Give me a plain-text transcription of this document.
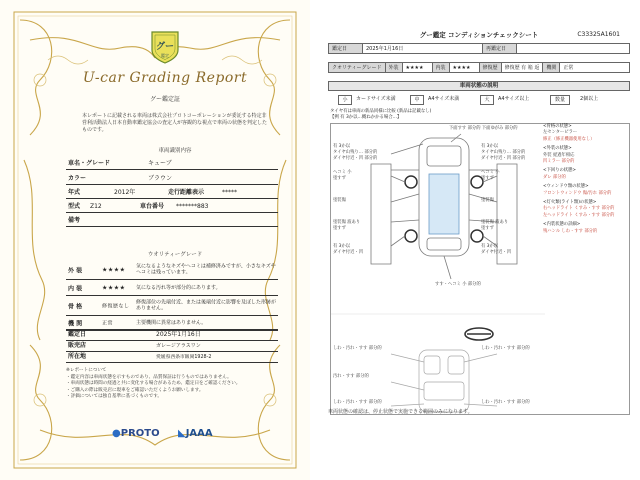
グー
鑑定
U-car Grading Report
グー鑑定証
本レポートに記載される車両は株式会社プロトコーポレーションが委託する特定非営利活動法人日本自動車鑑定協会の査定人が客観的な視点で車両の状態を判定したものです。
車両識別内容
車名・グレード	キューブ
カラー	ブラウン
年式	2012年	走行距離表示	*****
型式 Z12	車台番号 *******883
備考
ウオリティーグレード
外 装	★★★★ 気になるようなキズやヘコミは補修済みですが、小さなキズやヘコミは残っています。
内 装	★★★★ 気になる汚れ等が部分的にあります。
骨 格	修復歴なし
修復部位の先端付近、または後端付近に影響を及ぼした形跡がありません。
機 関	正常	主要機関に異常はありません。
鑑定日	2025年1月16日
販売店	ガレージアラスワン
所在地	愛媛県西条市飯岡1928-2
※レポートについて
・鑑定内容は車両状態を示すものであり、品質保証は行うものではありません。
・車両状態は時間の経過と共に変化する場合があるため、鑑定日をご確認ください。
・ご購入の際は販売店に現車をご確認いただくようお願いします。
・評価については独自基準に基づくものです。
●PROTO ◣JAAA
グー鑑定 コンディションチェックシート	C33325A1601
鑑定日	2025年1月16日	再鑑定日	
クオリティーグレード	外装	★★★★	内装	★★★★	修復歴	修復歴 有 箱 返	機関	正常
車両状態の説明
小	カードサイズ未満	中	A4サイズ未満	大	A4サイズ以上	数量	2個以上
タイヤ有は車両の新品同様に比較 (新品は記載なし)
【例 有 3か以…概ねかかる場合…】
下面すす 部分的 下面ゆがみ 部分的
有 3か以
タイヤ山残り… 部分的
ダイヤ付近・凹 部分的
有 3か以
タイヤ山残り… 部分的
ダイヤ付近・凹 部分的
ヘコミ 小
塗すず
ヘコミ 小
塗すず
塗装傷	塗装傷
塗装傷 波あり
塗すず
塗装傷 波あり
塗すず
有 3か以
ダイヤ付近・凹
有 3か以
ダイヤ付近・凹
すす・ヘコミ 小 部分的
しわ・汚れ・すす 部分的	しわ・汚れ・すす 部分的
汚れ・すす 部分的
しわ・汚れ・すす 部分的	しわ・汚れ・すす 部分的
<骨格の状態>
左センターピラー
修正（修正機器使用なし）
<外装の状態>
外装 経過年相応
凹ミラー 部分的
<下回りの状態>
ダレ 部分的
<ウィンドウ類の状態>
フロントウィンドウ 傷/汚れ 部分的
<灯火類(ライト類)の状態>
右ヘッドライト くすみ・すす 部分的
左ヘッドライト くすみ・すす 部分的
<内装状態の詳細>
残ハンル しわ・すす 部分的
車両状態の確認は、停止状態で実施できる範囲のみになります。
